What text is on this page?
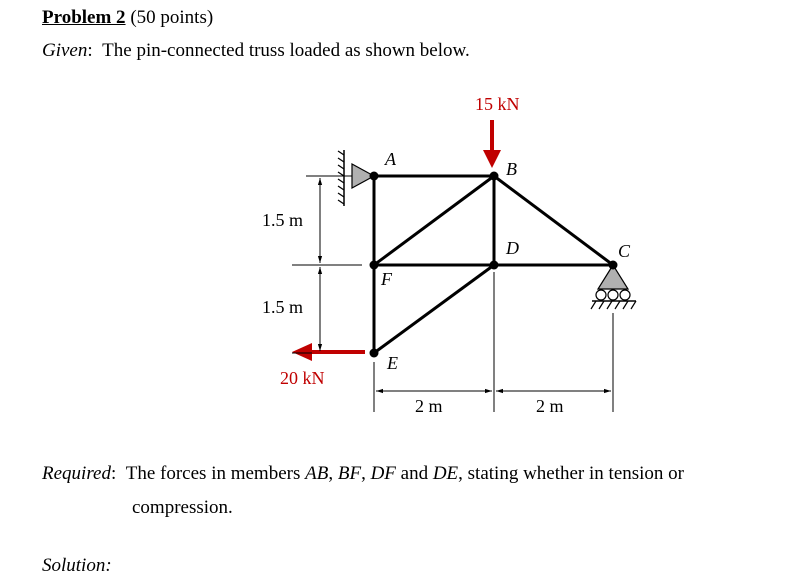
Problem 2 (50 points)
Given: The pin-connected truss loaded as shown below.
15 kN
20 kN
A	B
C
D
E
F
1.5 m
1.5 m
2 m	2 m
Required: The forces in members AB, BF, DF and DE, stating whether in tension or
compression.
Solution:
